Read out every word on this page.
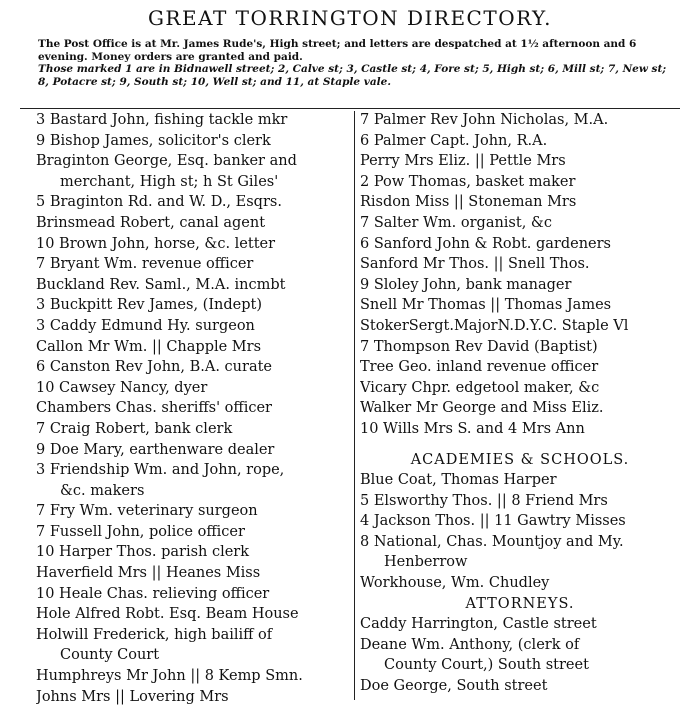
GREAT TORRINGTON DIRECTORY.
The Post Office is at Mr. James Rude's, High street; and letters are despatched at 1½ afternoon and 6 evening. Money orders are granted and paid.
Those marked 1 are in Bidnawell street; 2, Calve st; 3, Castle st; 4, Fore st; 5, High st; 6, Mill st; 7, New st; 8, Potacre st; 9, South st; 10, Well st; and 11, at Staple vale.
3 Bastard John, fishing tackle mkr
9 Bishop James, solicitor's clerk
Braginton George, Esq. banker and
merchant, High st; h St Giles'
5 Braginton Rd. and W. D., Esqrs.
Brinsmead Robert, canal agent
10 Brown John, horse, &c. letter
7 Bryant Wm. revenue officer
Buckland Rev. Saml., M.A. incmbt
3 Buckpitt Rev James, (Indept)
3 Caddy Edmund Hy. surgeon
Callon Mr Wm. || Chapple Mrs
6 Canston Rev John, B.A. curate
10 Cawsey Nancy, dyer
Chambers Chas. sheriffs' officer
7 Craig Robert, bank clerk
9 Doe Mary, earthenware dealer
3 Friendship Wm. and John, rope,
&c. makers
7 Fry Wm. veterinary surgeon
7 Fussell John, police officer
10 Harper Thos. parish clerk
Haverfield Mrs || Heanes Miss
10 Heale Chas. relieving officer
Hole Alfred Robt. Esq. Beam House
Holwill Frederick, high bailiff of
County Court
Humphreys Mr John || 8 Kemp Smn.
Johns Mrs || Lovering Mrs
7 Palmer Rev John Nicholas, M.A.
6 Palmer Capt. John, R.A.
Perry Mrs Eliz. || Pettle Mrs
2 Pow Thomas, basket maker
Risdon Miss || Stoneman Mrs
7 Salter Wm. organist, &c
6 Sanford John & Robt. gardeners
Sanford Mr Thos. || Snell Thos.
9 Sloley John, bank manager
Snell Mr Thomas || Thomas James
StokerSergt.MajorN.D.Y.C. Staple Vl
7 Thompson Rev David (Baptist)
Tree Geo. inland revenue officer
Vicary Chpr. edgetool maker, &c
Walker Mr George and Miss Eliz.
10 Wills Mrs S. and 4 Mrs Ann
ACADEMIES & SCHOOLS.
Blue Coat, Thomas Harper
5 Elsworthy Thos. || 8 Friend Mrs
4 Jackson Thos. || 11 Gawtry Misses
8 National, Chas. Mountjoy and My.
Henberrow
Workhouse, Wm. Chudley
ATTORNEYS.
Caddy Harrington, Castle street
Deane Wm. Anthony, (clerk of
County Court,) South street
Doe George, South street
